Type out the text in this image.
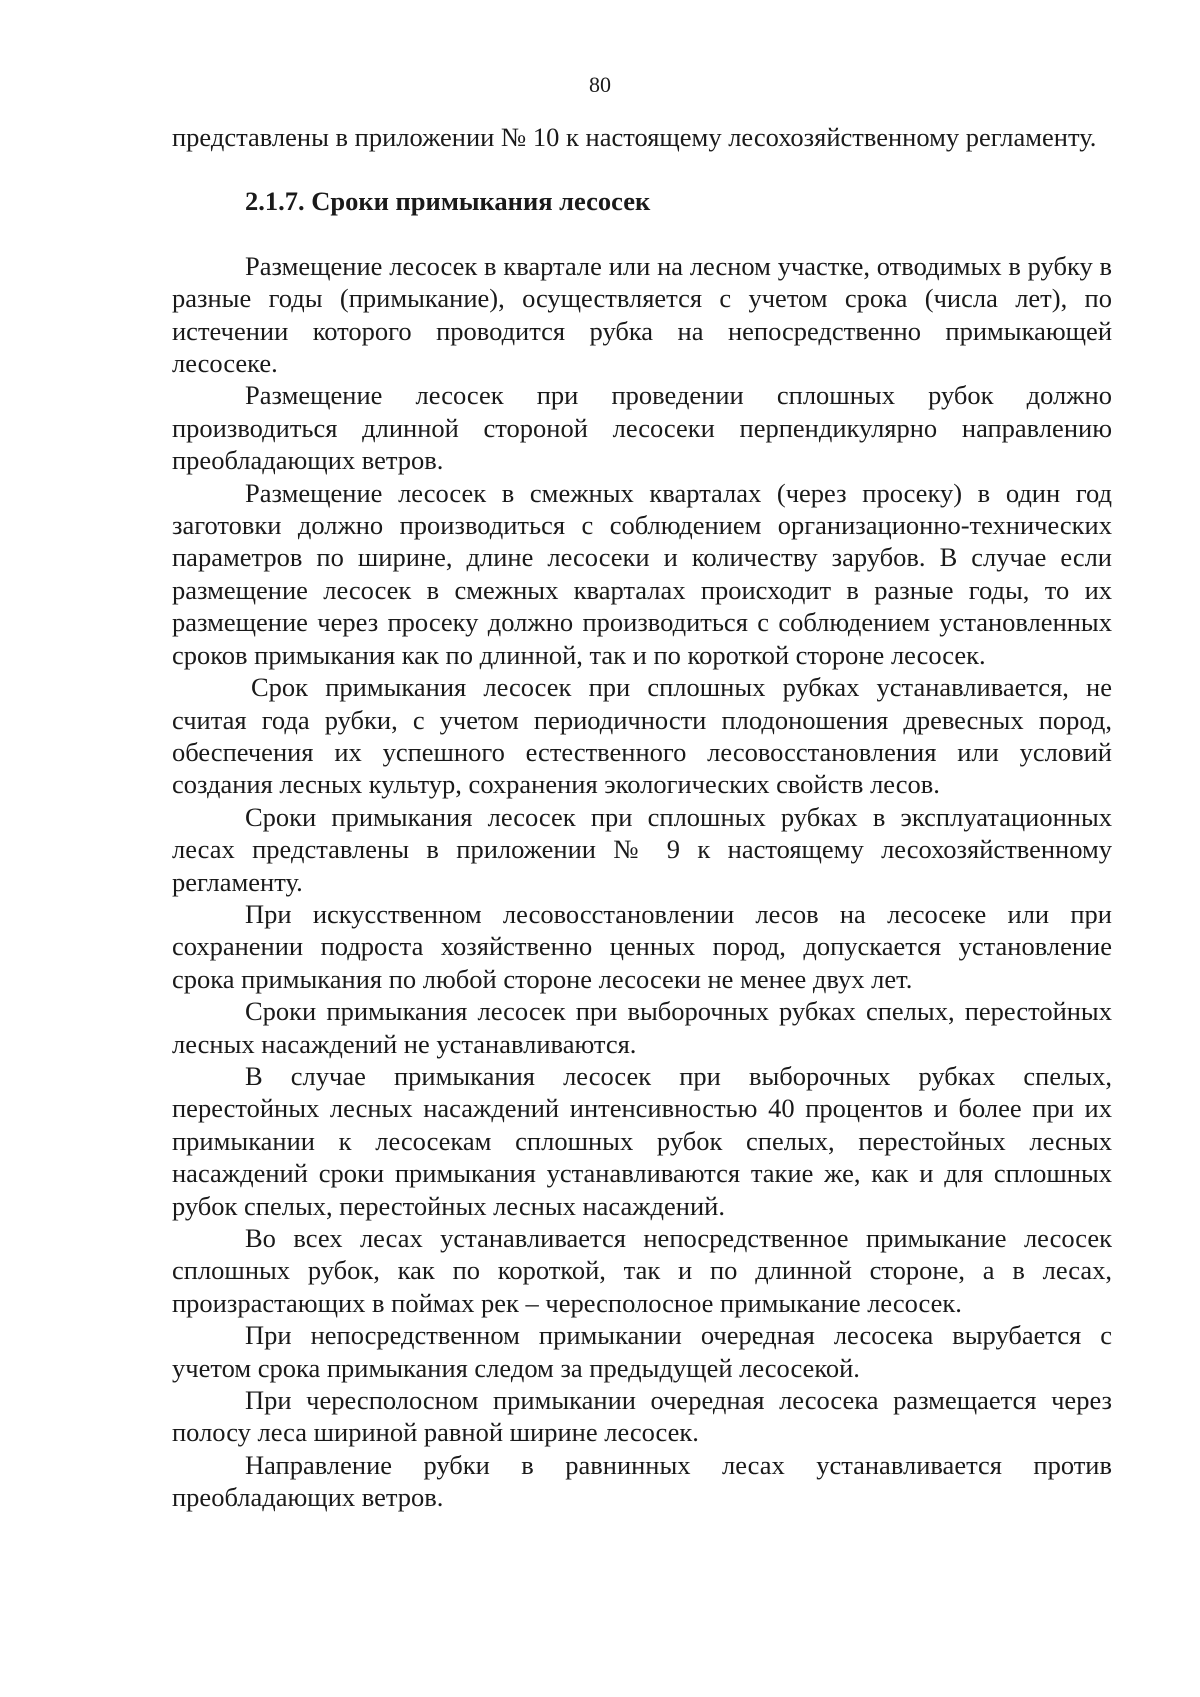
80

представлены в приложении № 10 к настоящему лесохозяйственному регламенту.

2.1.7. Сроки примыкания лесосек

Размещение лесосек в квартале или на лесном участке, отводимых в рубку в разные годы (примыкание), осуществляется с учетом срока (числа лет), по истечении которого проводится рубка на непосредственно примыкающей лесосеке.

Размещение лесосек при проведении сплошных рубок должно производиться длинной стороной лесосеки перпендикулярно направлению преобладающих ветров.

Размещение лесосек в смежных кварталах (через просеку) в один год заготовки должно производиться с соблюдением организационно-технических параметров по ширине, длине лесосеки и количеству зарубов. В случае если размещение лесосек в смежных кварталах происходит в разные годы, то их размещение через просеку должно производиться с соблюдением установленных сроков примыкания как по длинной, так и по короткой стороне лесосек.

Срок примыкания лесосек при сплошных рубках устанавливается, не считая года рубки, с учетом периодичности плодоношения древесных пород, обеспечения их успешного естественного лесовосстановления или условий создания лесных культур, сохранения экологических свойств лесов.

Сроки примыкания лесосек при сплошных рубках в эксплуатационных лесах представлены в приложении № 9 к настоящему лесохозяйственному регламенту.

При искусственном лесовосстановлении лесов на лесосеке или при сохранении подроста хозяйственно ценных пород, допускается установление срока примыкания по любой стороне лесосеки не менее двух лет.

Сроки примыкания лесосек при выборочных рубках спелых, перестойных лесных насаждений не устанавливаются.

В случае примыкания лесосек при выборочных рубках спелых, перестойных лесных насаждений интенсивностью 40 процентов и более при их примыкании к лесосекам сплошных рубок спелых, перестойных лесных насаждений сроки примыкания устанавливаются такие же, как и для сплошных рубок спелых, перестойных лесных насаждений.

Во всех лесах устанавливается непосредственное примыкание лесосек сплошных рубок, как по короткой, так и по длинной стороне, а в лесах, произрастающих в поймах рек – чересполосное примыкание лесосек.

При непосредственном примыкании очередная лесосека вырубается с учетом срока примыкания следом за предыдущей лесосекой.

При чересполосном примыкании очередная лесосека размещается через полосу леса шириной равной ширине лесосек.

Направление рубки в равнинных лесах устанавливается против преобладающих ветров.
